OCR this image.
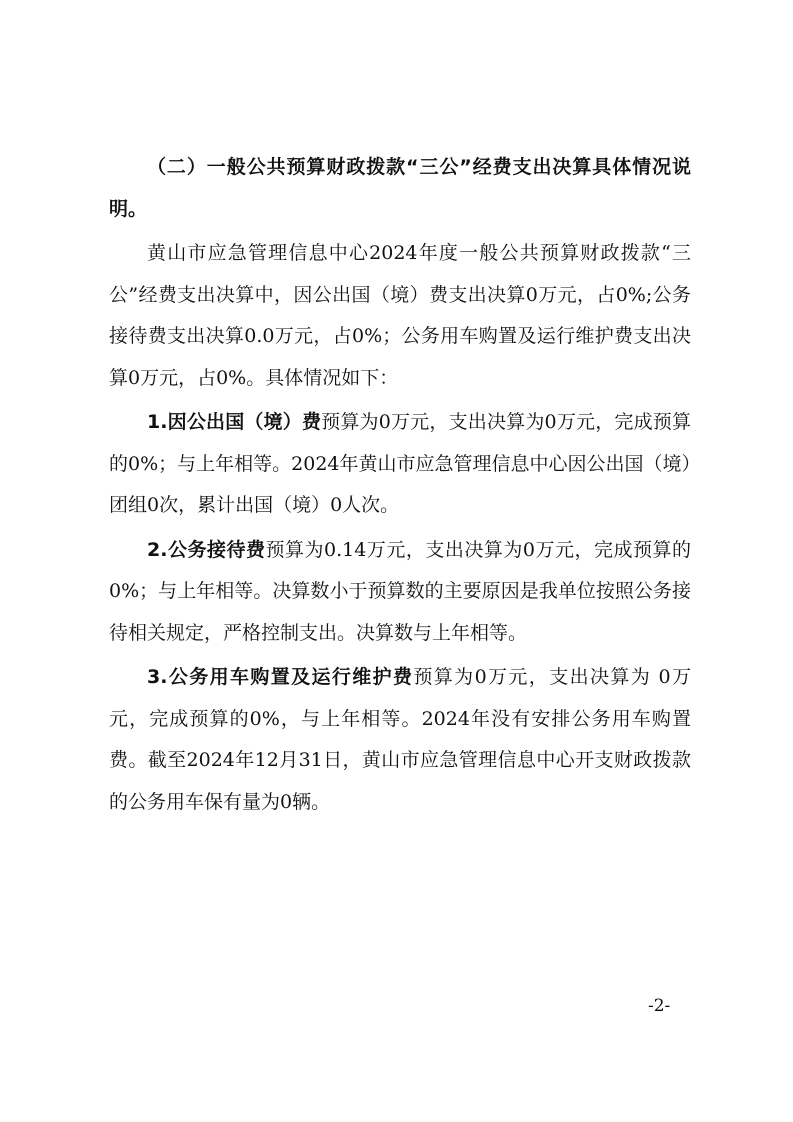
（二）一般公共预算财政拨款“三公”经费支出决算具体情况说明。

黄山市应急管理信息中心2024年度一般公共预算财政拨款“三公”经费支出决算中，因公出国（境）费支出决算0万元，占0%;公务接待费支出决算0.0万元，占0%；公务用车购置及运行维护费支出决算0万元，占0%。具体情况如下：

1.因公出国（境）费预算为0万元，支出决算为0万元，完成预算的0%；与上年相等。2024年黄山市应急管理信息中心因公出国（境）团组0次，累计出国（境）0人次。

2.公务接待费预算为0.14万元，支出决算为0万元，完成预算的0%；与上年相等。决算数小于预算数的主要原因是我单位按照公务接待相关规定，严格控制支出。决算数与上年相等。

3.公务用车购置及运行维护费预算为0万元，支出决算为 0万元，完成预算的0%，与上年相等。2024年没有安排公务用车购置费。截至2024年12月31日，黄山市应急管理信息中心开支财政拨款的公务用车保有量为0辆。

-2-
